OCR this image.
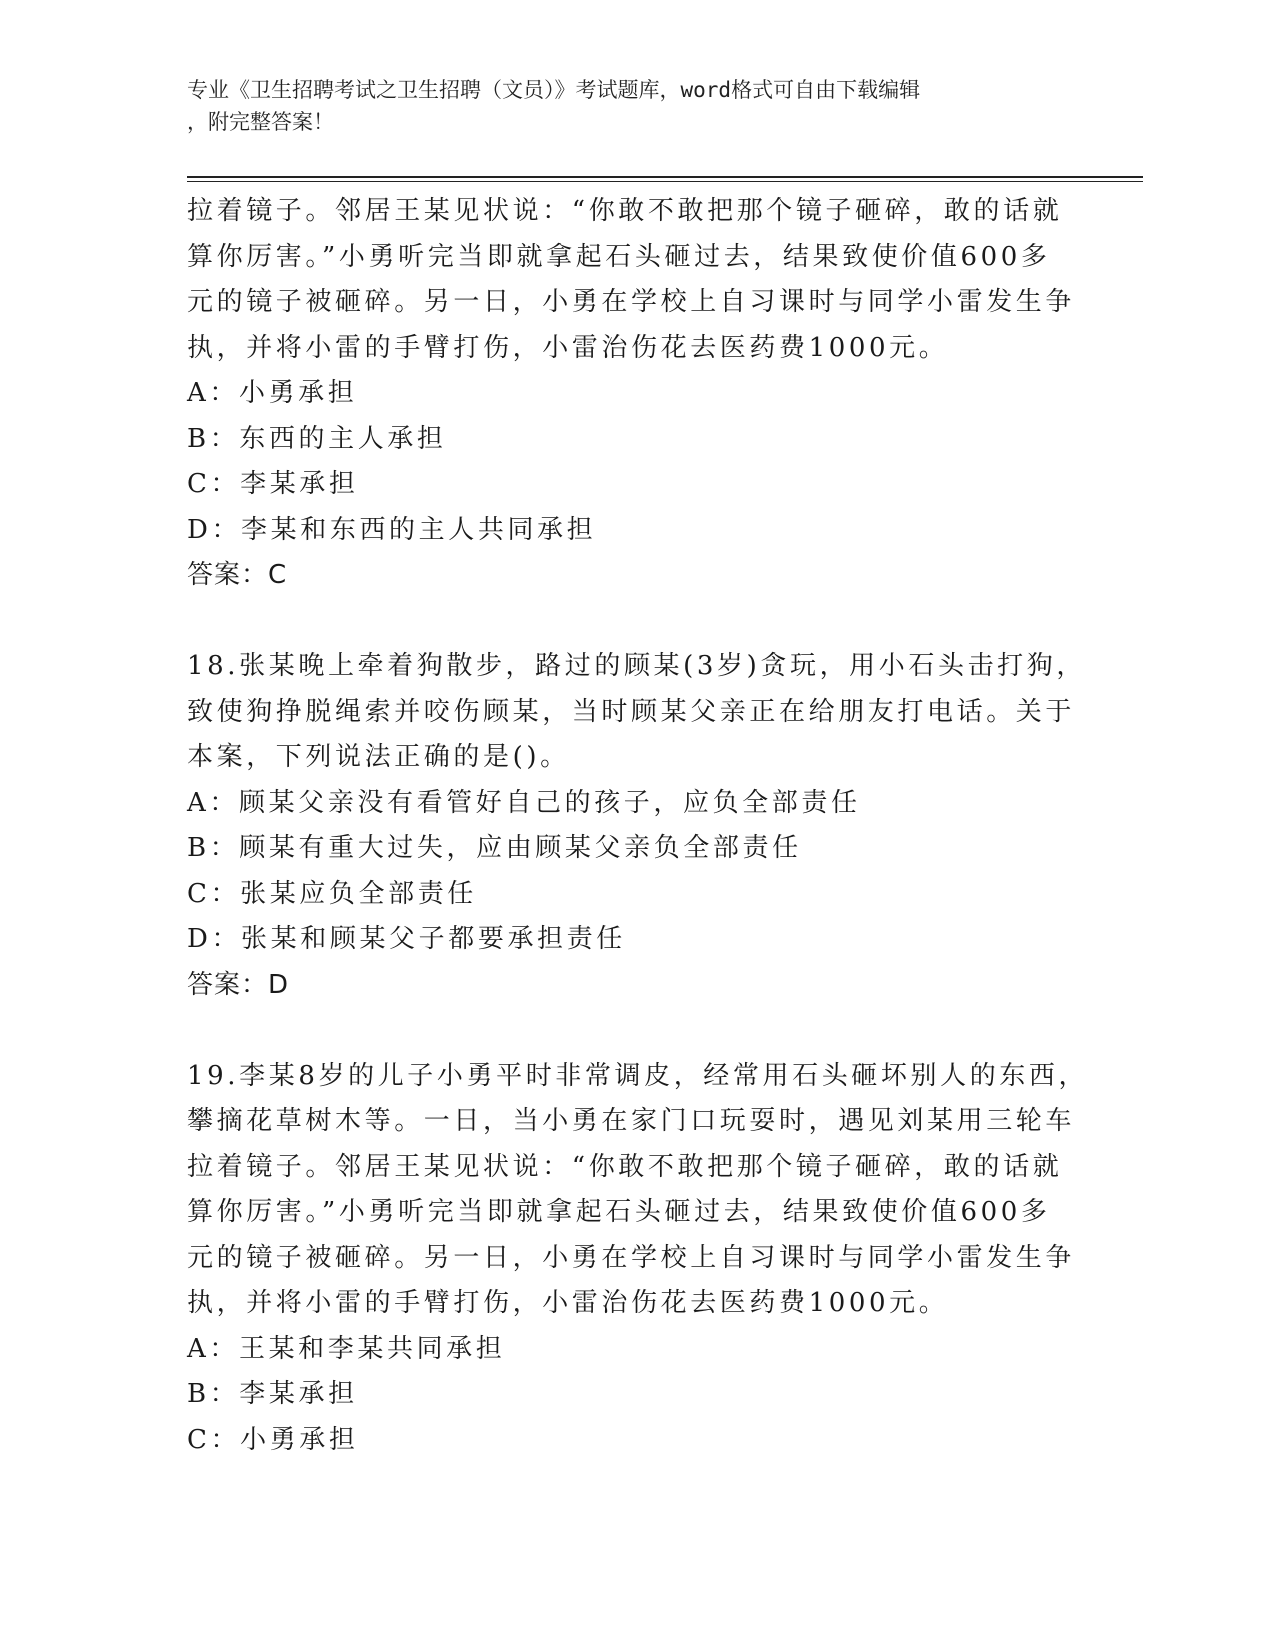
专业《卫生招聘考试之卫生招聘（文员）》考试题库，word格式可自由下载编辑
，附完整答案！
拉着镜子。邻居王某见状说：“你敢不敢把那个镜子砸碎，敢的话就
算你厉害。”小勇听完当即就拿起石头砸过去，结果致使价值600多
元的镜子被砸碎。另一日，小勇在学校上自习课时与同学小雷发生争
执，并将小雷的手臂打伤，小雷治伤花去医药费1000元。
A：小勇承担
B：东西的主人承担
C：李某承担
D：李某和东西的主人共同承担
答案：C
18.张某晚上牵着狗散步，路过的顾某(3岁)贪玩，用小石头击打狗，
致使狗挣脱绳索并咬伤顾某，当时顾某父亲正在给朋友打电话。关于
本案，下列说法正确的是()。
A：顾某父亲没有看管好自己的孩子，应负全部责任
B：顾某有重大过失，应由顾某父亲负全部责任
C：张某应负全部责任
D：张某和顾某父子都要承担责任
答案：D
19.李某8岁的儿子小勇平时非常调皮，经常用石头砸坏别人的东西，
攀摘花草树木等。一日，当小勇在家门口玩耍时，遇见刘某用三轮车
拉着镜子。邻居王某见状说：“你敢不敢把那个镜子砸碎，敢的话就
算你厉害。”小勇听完当即就拿起石头砸过去，结果致使价值600多
元的镜子被砸碎。另一日，小勇在学校上自习课时与同学小雷发生争
执，并将小雷的手臂打伤，小雷治伤花去医药费1000元。
A：王某和李某共同承担
B：李某承担
C：小勇承担
